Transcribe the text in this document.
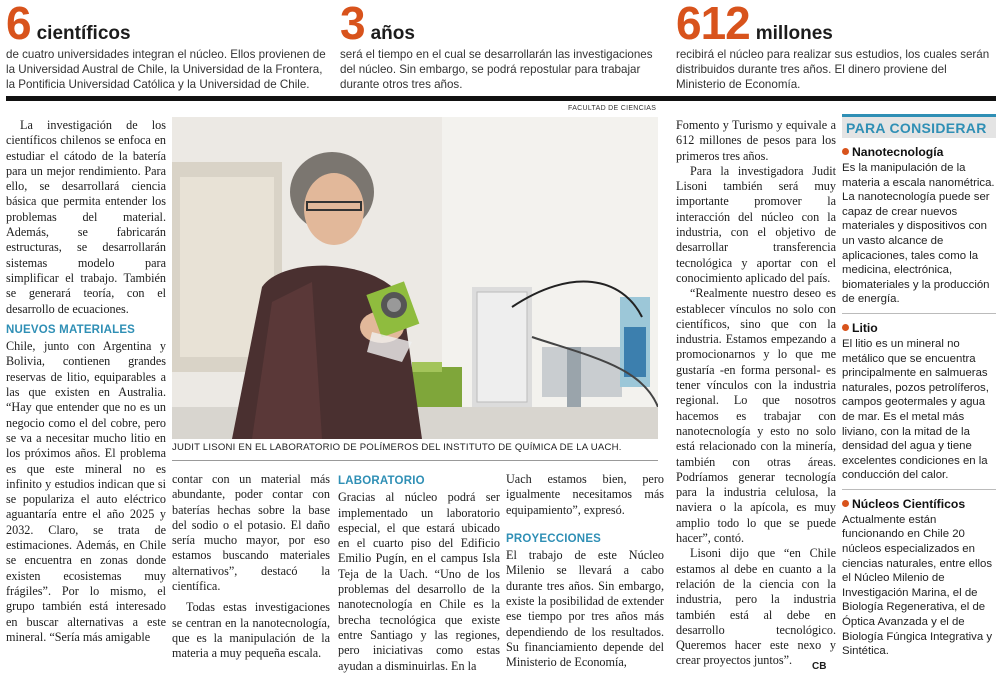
6 científicos
de cuatro universidades integran el núcleo. Ellos provienen de la Universidad Austral de Chile, la Universidad de la Frontera, la Pontificia Universidad Católica y la Universidad de Chile.
3 años
será el tiempo en el cual se desarrollarán las investigaciones del núcleo. Sin embargo, se podrá repostular para trabajar durante otros tres años.
612 millones
recibirá el núcleo para realizar sus estudios, los cuales serán distribuidos durante tres años. El dinero proviene del Ministerio de Economía.
FACULTAD DE CIENCIAS
JUDIT LISONI EN EL LABORATORIO DE POLÍMEROS DEL INSTITUTO DE QUÍMICA DE LA UACH.

La investigación de los científicos chilenos se enfoca en estudiar el cátodo de la batería para un mejor rendimiento. Para ello, se desarrollará ciencia básica que permita entender los problemas del material. Además, se fabricarán estructuras, se desarrollarán sistemas modelo para simplificar el trabajo. También se generará teoría, con el desarrollo de ecuaciones.

NUEVOS MATERIALES

Chile, junto con Argentina y Bolivia, contienen grandes reservas de litio, equiparables a las que existen en Australia. “Hay que entender que no es un negocio como el del cobre, pero se va a necesitar mucho litio en los próximos años. El problema es que este mineral no es infinito y estudios indican que si se populariza el auto eléctrico aguantaría entre el año 2025 y 2032. Claro, se trata de estimaciones. Además, en Chile se encuentra en zonas donde existen ecosistemas muy frágiles”. Por lo mismo, el grupo también está interesado en buscar alternativas a este mineral. “Sería más amigable

contar con un material más abundante, poder contar con baterías hechas sobre la base del sodio o el potasio. El daño sería mucho mayor, por eso estamos buscando materiales alternativos”, destacó la científica.

Todas estas investigaciones se centran en la nanotecnología, que es la manipulación de la materia a muy pequeña escala.

LABORATORIO

Gracias al núcleo podrá ser implementado un laboratorio especial, el que estará ubicado en el cuarto piso del Edificio Emilio Pugín, en el campus Isla Teja de la Uach. “Uno de los problemas del desarrollo de la nanotecnología en Chile es la brecha tecnológica que existe entre Santiago y las regiones, pero iniciativas como estas ayudan a disminuirlas. En la

Uach estamos bien, pero igualmente necesitamos más equipamiento”, expresó.

PROYECCIONES

El trabajo de este Núcleo Milenio se llevará a cabo durante tres años. Sin embargo, existe la posibilidad de extender ese tiempo por tres años más dependiendo de los resultados. Su financiamiento depende del Ministerio de Economía,

Fomento y Turismo y equivale a 612 millones de pesos para los primeros tres años.

Para la investigadora Judit Lisoni también será muy importante promover la interacción del núcleo con la industria, con el objetivo de desarrollar transferencia tecnológica y aportar con el conocimiento aplicado del país.

“Realmente nuestro deseo es establecer vínculos no solo con científicos, sino que con la industria. Estamos empezando a promocionarnos y lo que me gustaría -en forma personal- es tener vínculos con la industria regional. Lo que nosotros hacemos es trabajar con nanotecnología y esto no solo está relacionado con la minería, también con otras áreas. Podríamos generar tecnología para la industria celulosa, la naviera o la apícola, es muy amplio todo lo que se puede hacer”, contó.

Lisoni dijo que “en Chile estamos al debe en cuanto a la relación de la ciencia con la industria, pero la industria también está al debe en desarrollo tecnológico. Queremos hacer este nexo y crear proyectos juntos”.	CB
PARA CONSIDERAR
Nanotecnología
Es la manipulación de la materia a escala nanométrica. La nanotecnología puede ser capaz de crear nuevos materiales y dispositivos con un vasto alcance de aplicaciones, tales como la medicina, electrónica, biomateriales y la producción de energía.
Litio
El litio es un mineral no metálico que se encuentra principalmente en salmueras naturales, pozos petrolíferos, campos geotermales y agua de mar. Es el metal más liviano, con la mitad de la densidad del agua y tiene excelentes condiciones en la conducción del calor.
Núcleos Científicos
Actualmente están funcionando en Chile 20 núcleos especializados en ciencias naturales, entre ellos el Núcleo Milenio de Investigación Marina, el de Biología Regenerativa, el de Óptica Avanzada y el de Biología Fúngica Integrativa y Sintética.
